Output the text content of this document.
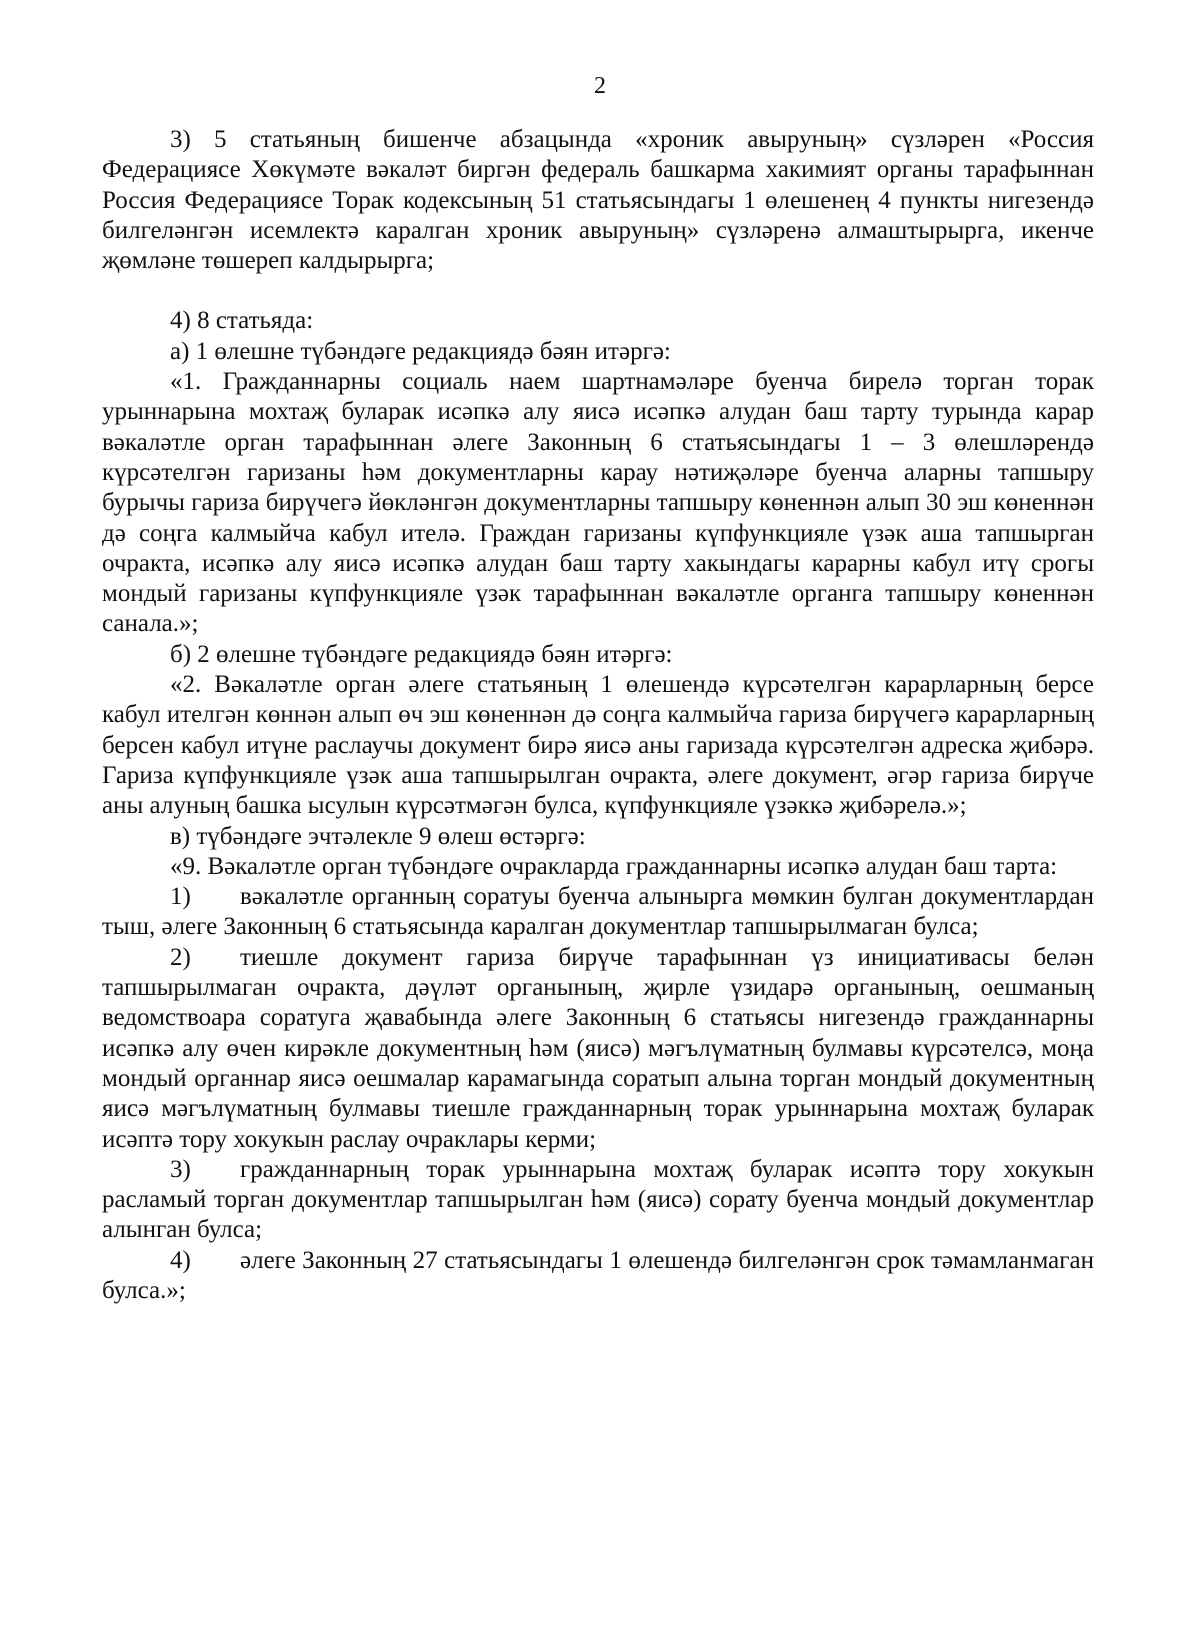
2

3) 5 статьяның бишенче абзацында «хроник авыруның» сүзләрен «Россия Федерациясе Хөкүмәте вәкаләт биргән федераль башкарма хакимият органы тарафыннан Россия Федерациясе Торак кодексының 51 статьясындагы 1 өлешенең 4 пункты нигезендә билгеләнгән исемлектә каралган хроник авыруның» сүзләренә алмаштырырга, икенче җөмләне төшереп калдырырга;

4) 8 статьяда:

а) 1 өлешне түбәндәге редакциядә бәян итәргә:

«1. Гражданнарны социаль наем шартнамәләре буенча бирелә торган торак урыннарына мохтаҗ буларак исәпкә алу яисә исәпкә алудан баш тарту турында карар вәкаләтле орган тарафыннан әлеге Законның 6 статьясындагы 1 – 3 өлешләрендә күрсәтелгән гаризаны һәм документларны карау нәтиҗәләре буенча аларны тапшыру бурычы гариза бирүчегә йөкләнгән документларны тапшыру көненнән алып 30 эш көненнән дә соңга калмыйча кабул ителә. Граждан гаризаны күпфункцияле үзәк аша тапшырган очракта, исәпкә алу яисә исәпкә алудан баш тарту хакындагы карарны кабул итү срогы мондый гаризаны күпфункцияле үзәк тарафыннан вәкаләтле органга тапшыру көненнән санала.»;

б) 2 өлешне түбәндәге редакциядә бәян итәргә:

«2. Вәкаләтле орган әлеге статьяның 1 өлешендә күрсәтелгән карарларның берсе кабул ителгән көннән алып өч эш көненнән дә соңга калмыйча гариза бирүчегә карарларның берсен кабул итүне раслаучы документ бирә яисә аны гаризада күрсәтелгән адреска җибәрә. Гариза күпфункцияле үзәк аша тапшырылган очракта, әлеге документ, әгәр гариза бирүче аны алуның башка ысулын күрсәтмәгән булса, күпфункцияле үзәккә җибәрелә.»;

в) түбәндәге эчтәлекле 9 өлеш өстәргә:

«9. Вәкаләтле орган түбәндәге очракларда гражданнарны исәпкә алудан баш тарта:

1) вәкаләтле органның соратуы буенча алынырга мөмкин булган документлардан тыш, әлеге Законның 6 статьясында каралган документлар тапшырылмаган булса;

2) тиешле документ гариза бирүче тарафыннан үз инициативасы белән тапшырылмаган очракта, дәүләт органының, җирле үзидарә органының, оешманың ведомствоара соратуга җавабында әлеге Законның 6 статьясы нигезендә гражданнарны исәпкә алу өчен кирәкле документның һәм (яисә) мәгълүматның булмавы күрсәтелсә, моңа мондый органнар яисә оешмалар карамагында соратып алына торган мондый документның яисә мәгълүматның булмавы тиешле гражданнарның торак урыннарына мохтаҗ буларак исәптә тору хокукын раслау очраклары керми;

3) гражданнарның торак урыннарына мохтаҗ буларак исәптә тору хокукын расламый торган документлар тапшырылган һәм (яисә) сорату буенча мондый документлар алынган булса;

4) әлеге Законның 27 статьясындагы 1 өлешендә билгеләнгән срок тәмамланмаган булса.»;
